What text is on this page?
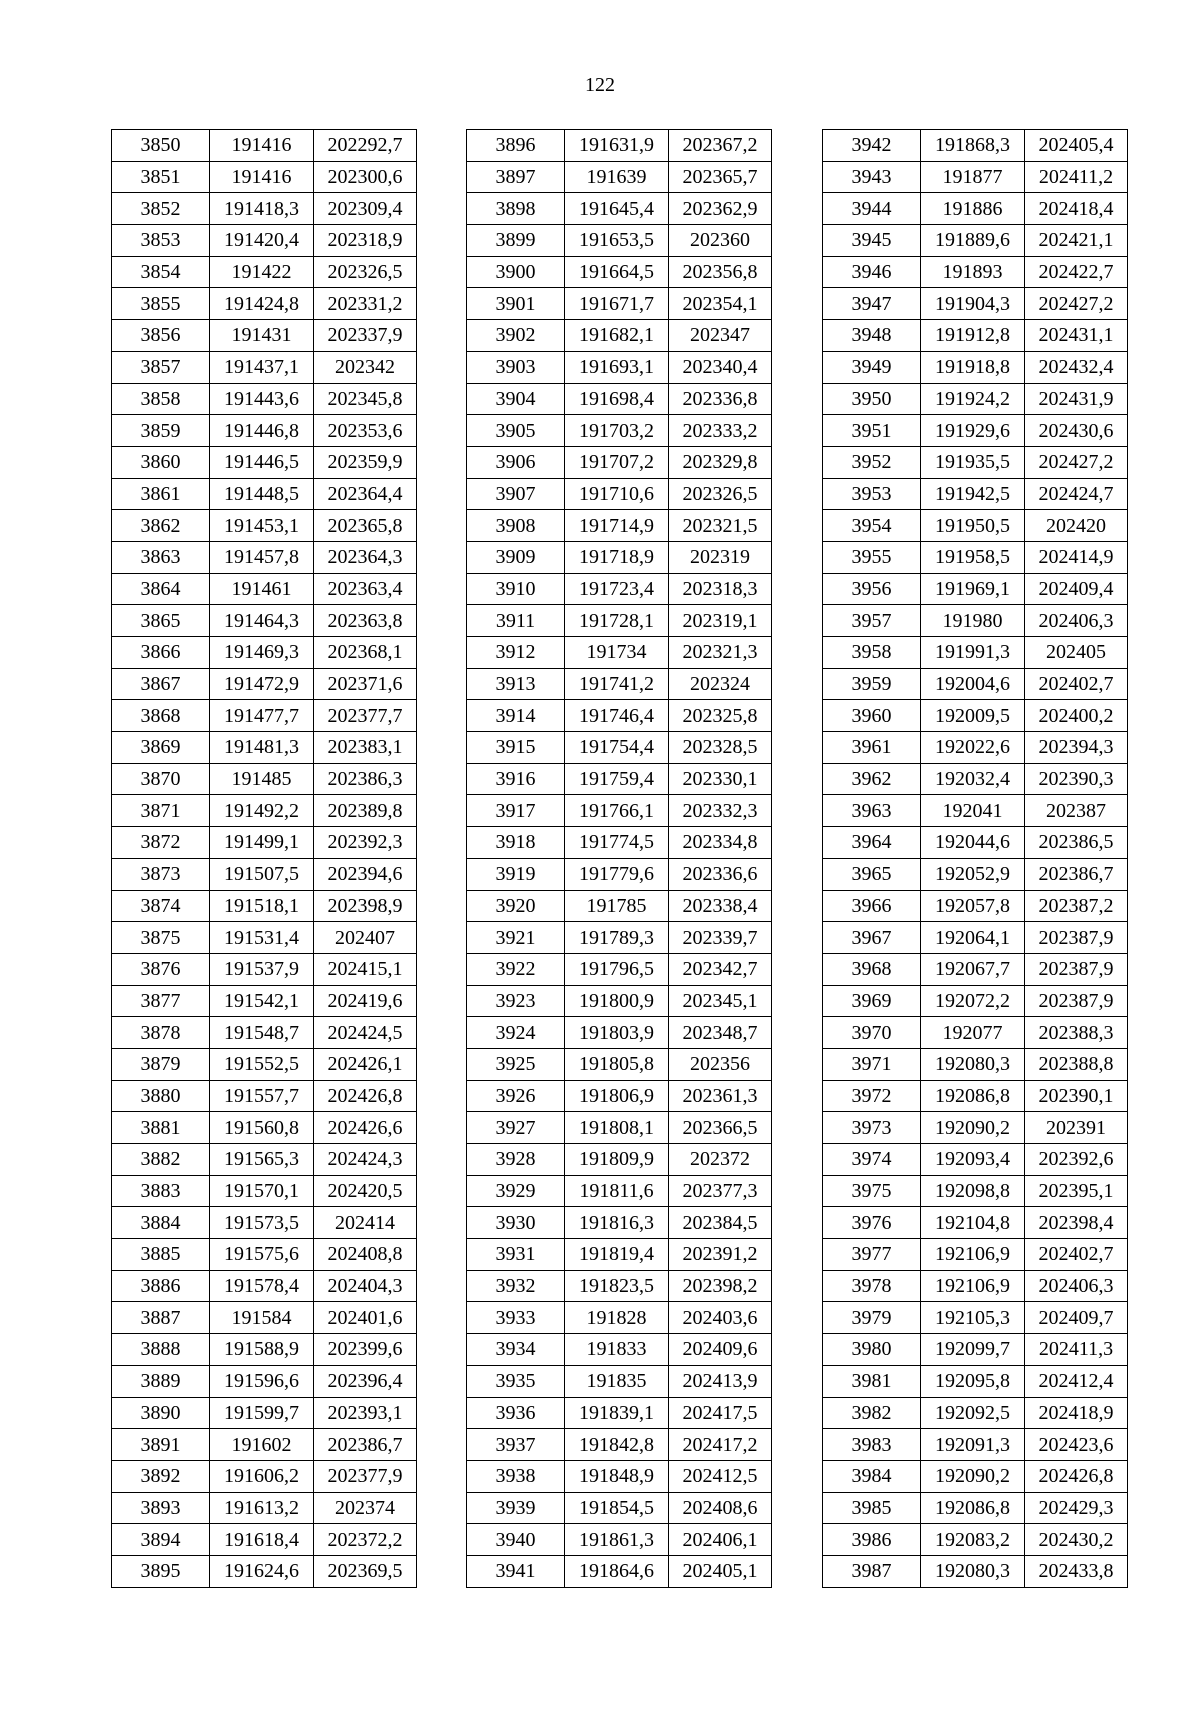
122
3850	191416	202292,7
3851	191416	202300,6
3852	191418,3	202309,4
3853	191420,4	202318,9
3854	191422	202326,5
3855	191424,8	202331,2
3856	191431	202337,9
3857	191437,1	202342
3858	191443,6	202345,8
3859	191446,8	202353,6
3860	191446,5	202359,9
3861	191448,5	202364,4
3862	191453,1	202365,8
3863	191457,8	202364,3
3864	191461	202363,4
3865	191464,3	202363,8
3866	191469,3	202368,1
3867	191472,9	202371,6
3868	191477,7	202377,7
3869	191481,3	202383,1
3870	191485	202386,3
3871	191492,2	202389,8
3872	191499,1	202392,3
3873	191507,5	202394,6
3874	191518,1	202398,9
3875	191531,4	202407
3876	191537,9	202415,1
3877	191542,1	202419,6
3878	191548,7	202424,5
3879	191552,5	202426,1
3880	191557,7	202426,8
3881	191560,8	202426,6
3882	191565,3	202424,3
3883	191570,1	202420,5
3884	191573,5	202414
3885	191575,6	202408,8
3886	191578,4	202404,3
3887	191584	202401,6
3888	191588,9	202399,6
3889	191596,6	202396,4
3890	191599,7	202393,1
3891	191602	202386,7
3892	191606,2	202377,9
3893	191613,2	202374
3894	191618,4	202372,2
3895	191624,6	202369,5
3896	191631,9	202367,2
3897	191639	202365,7
3898	191645,4	202362,9
3899	191653,5	202360
3900	191664,5	202356,8
3901	191671,7	202354,1
3902	191682,1	202347
3903	191693,1	202340,4
3904	191698,4	202336,8
3905	191703,2	202333,2
3906	191707,2	202329,8
3907	191710,6	202326,5
3908	191714,9	202321,5
3909	191718,9	202319
3910	191723,4	202318,3
3911	191728,1	202319,1
3912	191734	202321,3
3913	191741,2	202324
3914	191746,4	202325,8
3915	191754,4	202328,5
3916	191759,4	202330,1
3917	191766,1	202332,3
3918	191774,5	202334,8
3919	191779,6	202336,6
3920	191785	202338,4
3921	191789,3	202339,7
3922	191796,5	202342,7
3923	191800,9	202345,1
3924	191803,9	202348,7
3925	191805,8	202356
3926	191806,9	202361,3
3927	191808,1	202366,5
3928	191809,9	202372
3929	191811,6	202377,3
3930	191816,3	202384,5
3931	191819,4	202391,2
3932	191823,5	202398,2
3933	191828	202403,6
3934	191833	202409,6
3935	191835	202413,9
3936	191839,1	202417,5
3937	191842,8	202417,2
3938	191848,9	202412,5
3939	191854,5	202408,6
3940	191861,3	202406,1
3941	191864,6	202405,1
3942	191868,3	202405,4
3943	191877	202411,2
3944	191886	202418,4
3945	191889,6	202421,1
3946	191893	202422,7
3947	191904,3	202427,2
3948	191912,8	202431,1
3949	191918,8	202432,4
3950	191924,2	202431,9
3951	191929,6	202430,6
3952	191935,5	202427,2
3953	191942,5	202424,7
3954	191950,5	202420
3955	191958,5	202414,9
3956	191969,1	202409,4
3957	191980	202406,3
3958	191991,3	202405
3959	192004,6	202402,7
3960	192009,5	202400,2
3961	192022,6	202394,3
3962	192032,4	202390,3
3963	192041	202387
3964	192044,6	202386,5
3965	192052,9	202386,7
3966	192057,8	202387,2
3967	192064,1	202387,9
3968	192067,7	202387,9
3969	192072,2	202387,9
3970	192077	202388,3
3971	192080,3	202388,8
3972	192086,8	202390,1
3973	192090,2	202391
3974	192093,4	202392,6
3975	192098,8	202395,1
3976	192104,8	202398,4
3977	192106,9	202402,7
3978	192106,9	202406,3
3979	192105,3	202409,7
3980	192099,7	202411,3
3981	192095,8	202412,4
3982	192092,5	202418,9
3983	192091,3	202423,6
3984	192090,2	202426,8
3985	192086,8	202429,3
3986	192083,2	202430,2
3987	192080,3	202433,8
